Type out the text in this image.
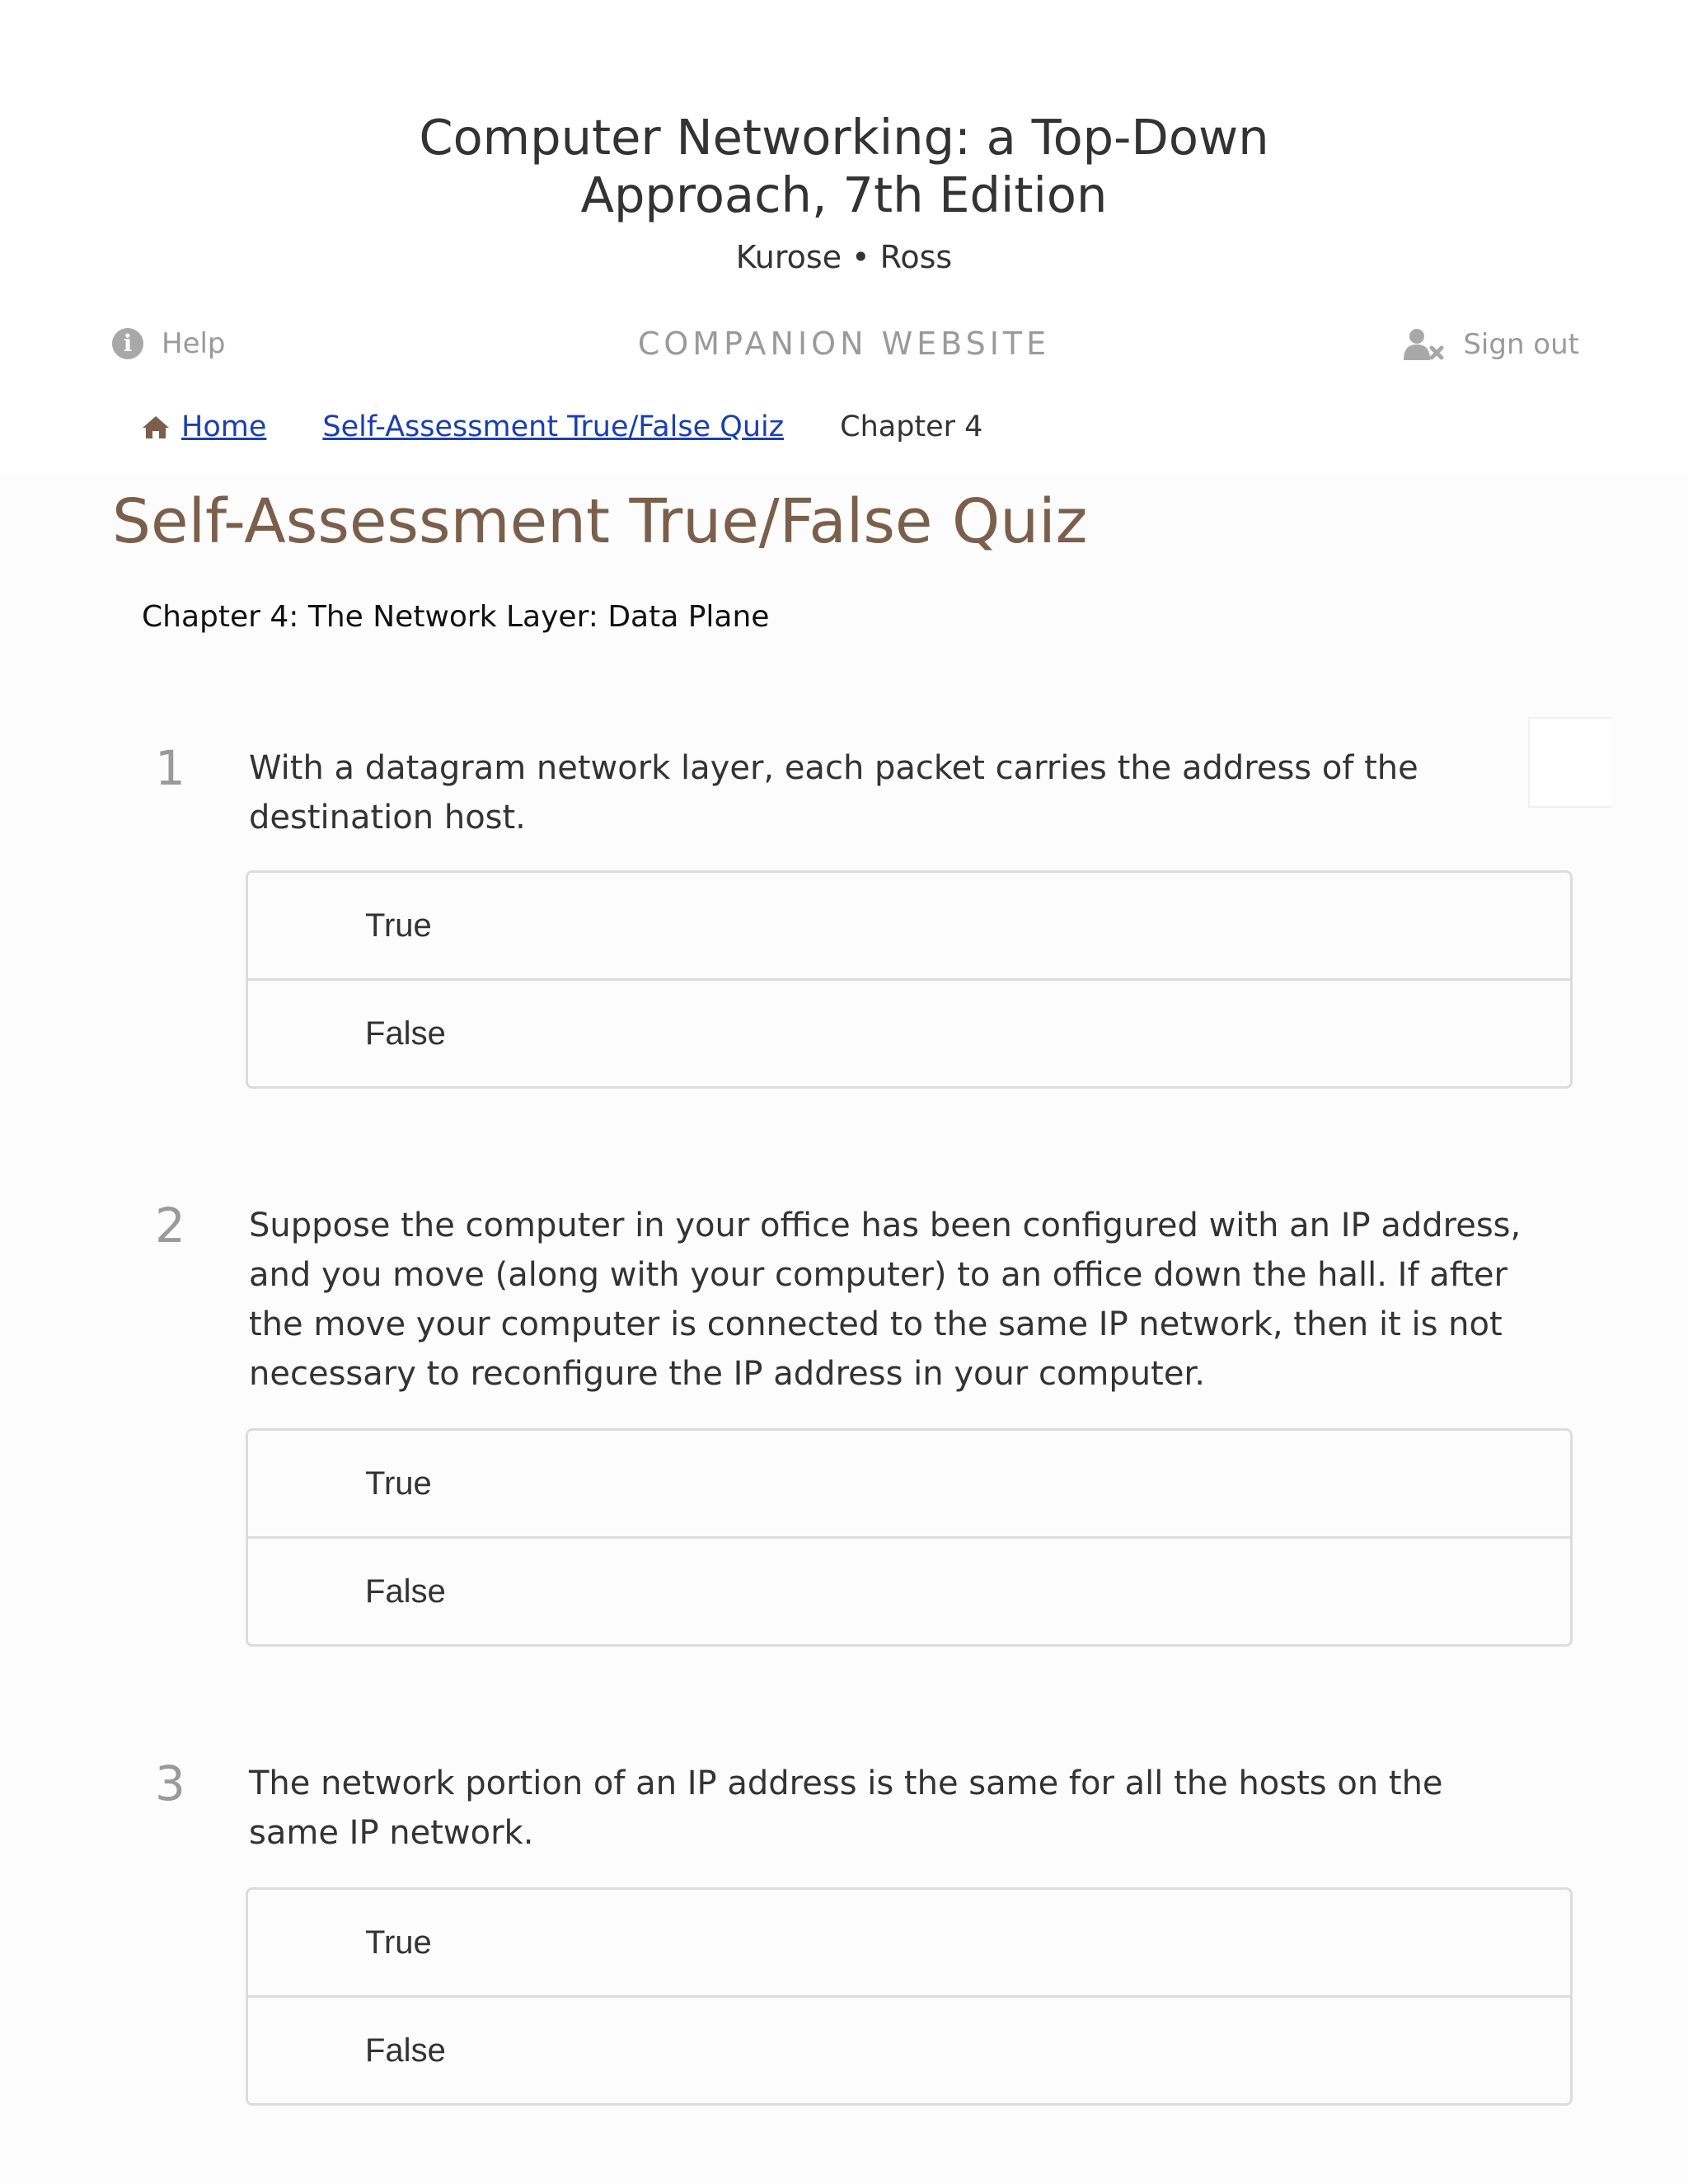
Computer Networking: a Top-Down
Approach, 7th Edition
Kurose • Ross
i	Help	COMPANION WEBSITE	Sign out
Home Self-Assessment True/False Quiz Chapter 4
Self-Assessment True/False Quiz
Chapter 4: The Network Layer: Data Plane
1 With a datagram network layer, each packet carries the address of the destination host.
True
False
2 Suppose the computer in your office has been configured with an IP address, and you move (along with your computer) to an office down the hall. If after the move your computer is connected to the same IP network, then it is not necessary to reconfigure the IP address in your computer.
True
False
3 The network portion of an IP address is the same for all the hosts on the same IP network.
True
False
